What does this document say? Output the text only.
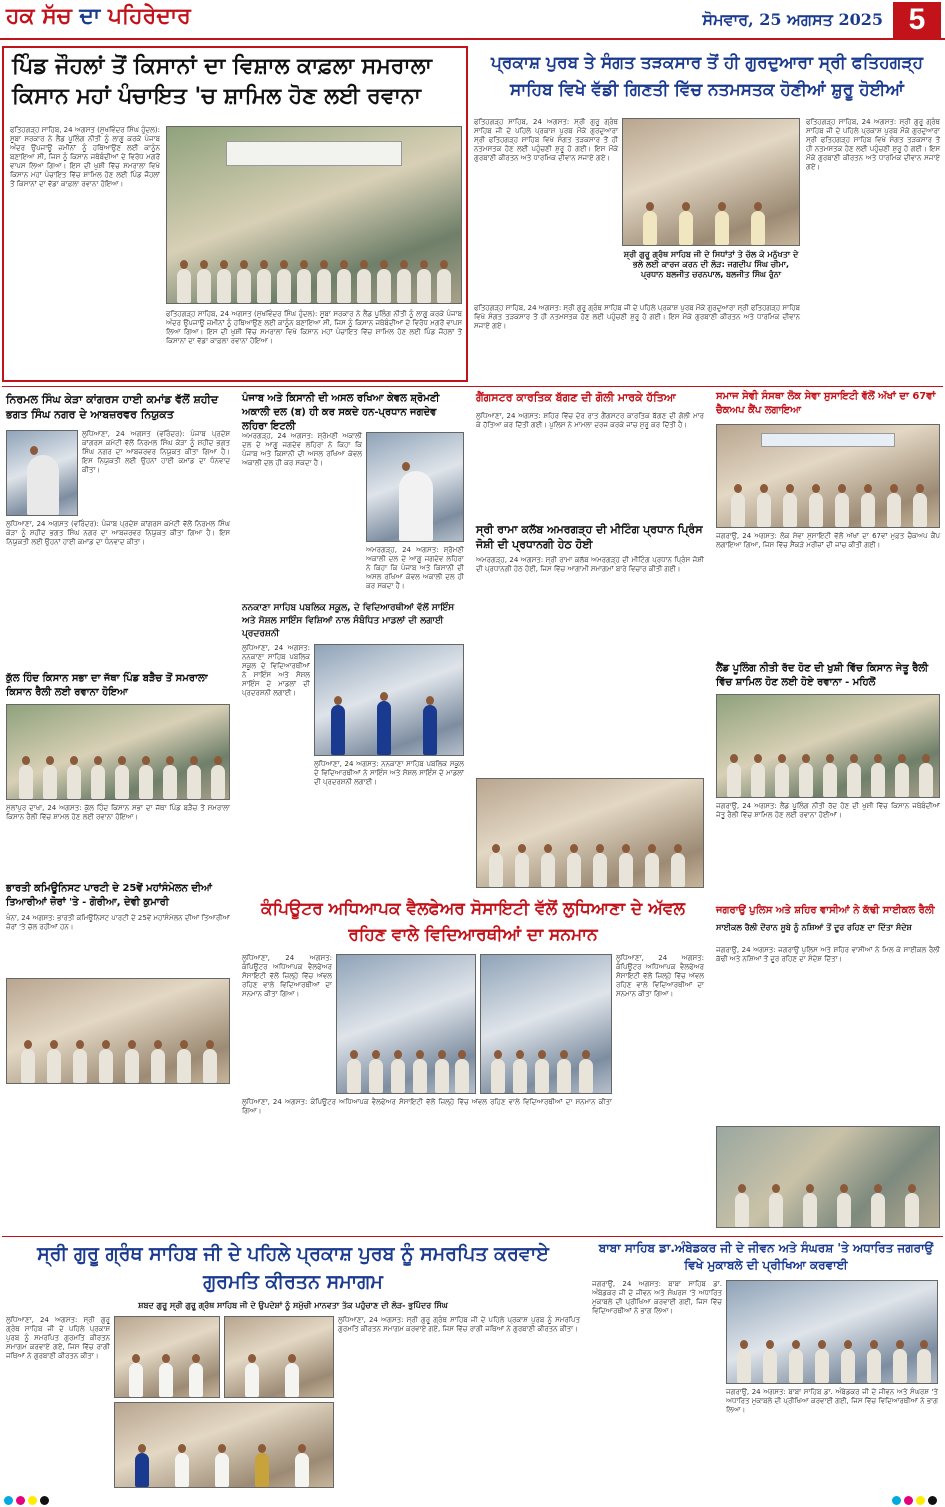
ਹਕ ਸੱਚ ਦਾ ਪਹਿਰੇਦਾਰ	ਸੋਮਵਾਰ, 25 ਅਗਸਤ 2025 5
ਪਿੰਡ ਜੌਹਲਾਂ ਤੋਂ ਕਿਸਾਨਾਂ ਦਾ ਵਿਸ਼ਾਲ ਕਾਫ਼ਲਾ ਸਮਰਾਲਾ ਕਿਸਾਨ ਮਹਾਂ ਪੰਚਾਇਤ 'ਚ ਸ਼ਾਮਿਲ ਹੋਣ ਲਈ ਰਵਾਨਾ
ਫਤਿਹਗੜ੍ਹ ਸਾਹਿਬ, 24 ਅਗਸਤ (ਸੁਖਵਿੰਦਰ ਸਿੰਘ ਹੁੰਦਲ): ਸੂਬਾ ਸਰਕਾਰ ਨੇ ਲੈਂਡ ਪੂਲਿੰਗ ਨੀਤੀ ਨੂੰ ਲਾਗੂ ਕਰਕੇ ਪੰਜਾਬ ਅੰਦਰ ਉਪਜਾਊ ਜ਼ਮੀਨਾਂ ਨੂੰ ਹਥਿਆਉਣ ਲਈ ਕਾਨੂੰਨ ਬਣਾਇਆ ਸੀ, ਜਿਸ ਨੂੰ ਕਿਸਾਨ ਜਥੇਬੰਦੀਆਂ ਦੇ ਵਿਰੋਧ ਮਗਰੋਂ ਵਾਪਸ ਲਿਆ ਗਿਆ। ਇਸ ਦੀ ਖੁਸ਼ੀ ਵਿੱਚ ਸਮਰਾਲਾ ਵਿਖੇ ਕਿਸਾਨ ਮਹਾਂ ਪੰਚਾਇਤ ਵਿੱਚ ਸ਼ਾਮਿਲ ਹੋਣ ਲਈ ਪਿੰਡ ਜੌਹਲਾਂ ਤੋਂ ਕਿਸਾਨਾਂ ਦਾ ਵੱਡਾ ਕਾਫ਼ਲਾ ਰਵਾਨਾ ਹੋਇਆ।
ਫਤਿਹਗੜ੍ਹ ਸਾਹਿਬ, 24 ਅਗਸਤ (ਸੁਖਵਿੰਦਰ ਸਿੰਘ ਹੁੰਦਲ): ਸੂਬਾ ਸਰਕਾਰ ਨੇ ਲੈਂਡ ਪੂਲਿੰਗ ਨੀਤੀ ਨੂੰ ਲਾਗੂ ਕਰਕੇ ਪੰਜਾਬ ਅੰਦਰ ਉਪਜਾਊ ਜ਼ਮੀਨਾਂ ਨੂੰ ਹਥਿਆਉਣ ਲਈ ਕਾਨੂੰਨ ਬਣਾਇਆ ਸੀ, ਜਿਸ ਨੂੰ ਕਿਸਾਨ ਜਥੇਬੰਦੀਆਂ ਦੇ ਵਿਰੋਧ ਮਗਰੋਂ ਵਾਪਸ ਲਿਆ ਗਿਆ। ਇਸ ਦੀ ਖੁਸ਼ੀ ਵਿੱਚ ਸਮਰਾਲਾ ਵਿਖੇ ਕਿਸਾਨ ਮਹਾਂ ਪੰਚਾਇਤ ਵਿੱਚ ਸ਼ਾਮਿਲ ਹੋਣ ਲਈ ਪਿੰਡ ਜੌਹਲਾਂ ਤੋਂ ਕਿਸਾਨਾਂ ਦਾ ਵੱਡਾ ਕਾਫ਼ਲਾ ਰਵਾਨਾ ਹੋਇਆ।
ਪ੍ਰਕਾਸ਼ ਪੁਰਬ ਤੇ ਸੰਗਤ ਤੜਕਸਾਰ ਤੋਂ ਹੀ ਗੁਰਦੁਆਰਾ ਸ੍ਰੀ ਫਤਿਹਗੜ੍ਹ ਸਾਹਿਬ ਵਿਖੇ ਵੱਡੀ ਗਿਣਤੀ ਵਿੱਚ ਨਤਮਸਤਕ ਹੋਣੀਆਂ ਸ਼ੁਰੂ ਹੋਈਆਂ
ਫਤਿਹਗੜ੍ਹ ਸਾਹਿਬ, 24 ਅਗਸਤ: ਸ੍ਰੀ ਗੁਰੂ ਗ੍ਰੰਥ ਸਾਹਿਬ ਜੀ ਦੇ ਪਹਿਲੇ ਪ੍ਰਕਾਸ਼ ਪੁਰਬ ਮੌਕੇ ਗੁਰਦੁਆਰਾ ਸ੍ਰੀ ਫਤਿਹਗੜ੍ਹ ਸਾਹਿਬ ਵਿਖੇ ਸੰਗਤ ਤੜਕਸਾਰ ਤੋਂ ਹੀ ਨਤਮਸਤਕ ਹੋਣ ਲਈ ਪਹੁੰਚਣੀ ਸ਼ੁਰੂ ਹੋ ਗਈ। ਇਸ ਮੌਕੇ ਗੁਰਬਾਣੀ ਕੀਰਤਨ ਅਤੇ ਧਾਰਮਿਕ ਦੀਵਾਨ ਸਜਾਏ ਗਏ।
ਸ਼੍ਰੀ ਗੁਰੂ ਗ੍ਰੰਥ ਸਾਹਿਬ ਜੀ ਦੇ ਸਿਧਾਂਤਾਂ ਤੇ ਚੱਲ ਕੇ ਮਨੁੱਖਤਾ ਦੇ ਭਲੇ ਲਈ ਕਾਰਜ ਕਰਨ ਦੀ ਲੋੜ: ਜਗਦੀਪ ਸਿੰਘ ਚੀਮਾ, ਪ੍ਰਧਾਨ ਬਲਜੀਤ ਚਰਨਪਾਲ, ਬਲਜੀਤ ਸਿੰਘ ਰੁੰਨਾ
ਫਤਿਹਗੜ੍ਹ ਸਾਹਿਬ, 24 ਅਗਸਤ: ਸ੍ਰੀ ਗੁਰੂ ਗ੍ਰੰਥ ਸਾਹਿਬ ਜੀ ਦੇ ਪਹਿਲੇ ਪ੍ਰਕਾਸ਼ ਪੁਰਬ ਮੌਕੇ ਗੁਰਦੁਆਰਾ ਸ੍ਰੀ ਫਤਿਹਗੜ੍ਹ ਸਾਹਿਬ ਵਿਖੇ ਸੰਗਤ ਤੜਕਸਾਰ ਤੋਂ ਹੀ ਨਤਮਸਤਕ ਹੋਣ ਲਈ ਪਹੁੰਚਣੀ ਸ਼ੁਰੂ ਹੋ ਗਈ। ਇਸ ਮੌਕੇ ਗੁਰਬਾਣੀ ਕੀਰਤਨ ਅਤੇ ਧਾਰਮਿਕ ਦੀਵਾਨ ਸਜਾਏ ਗਏ।
ਫਤਿਹਗੜ੍ਹ ਸਾਹਿਬ, 24 ਅਗਸਤ: ਸ੍ਰੀ ਗੁਰੂ ਗ੍ਰੰਥ ਸਾਹਿਬ ਜੀ ਦੇ ਪਹਿਲੇ ਪ੍ਰਕਾਸ਼ ਪੁਰਬ ਮੌਕੇ ਗੁਰਦੁਆਰਾ ਸ੍ਰੀ ਫਤਿਹਗੜ੍ਹ ਸਾਹਿਬ ਵਿਖੇ ਸੰਗਤ ਤੜਕਸਾਰ ਤੋਂ ਹੀ ਨਤਮਸਤਕ ਹੋਣ ਲਈ ਪਹੁੰਚਣੀ ਸ਼ੁਰੂ ਹੋ ਗਈ। ਇਸ ਮੌਕੇ ਗੁਰਬਾਣੀ ਕੀਰਤਨ ਅਤੇ ਧਾਰਮਿਕ ਦੀਵਾਨ ਸਜਾਏ ਗਏ।
ਨਿਰਮਲ ਸਿੰਘ ਕੇੜਾ ਕਾਂਗਰਸ ਹਾਈ ਕਮਾਂਡ ਵੱਲੋਂ ਸ਼ਹੀਦ ਭਗਤ ਸਿੰਘ ਨਗਰ ਦੇ ਆਬਜ਼ਰਵਰ ਨਿਯੁਕਤ
ਲੁਧਿਆਣਾ, 24 ਅਗਸਤ (ਵਰਿੰਦਰ): ਪੰਜਾਬ ਪ੍ਰਦੇਸ਼ ਕਾਂਗਰਸ ਕਮੇਟੀ ਵੱਲੋਂ ਨਿਰਮਲ ਸਿੰਘ ਕੇੜਾ ਨੂੰ ਸ਼ਹੀਦ ਭਗਤ ਸਿੰਘ ਨਗਰ ਦਾ ਆਬਜ਼ਰਵਰ ਨਿਯੁਕਤ ਕੀਤਾ ਗਿਆ ਹੈ। ਇਸ ਨਿਯੁਕਤੀ ਲਈ ਉਹਨਾਂ ਹਾਈ ਕਮਾਂਡ ਦਾ ਧੰਨਵਾਦ ਕੀਤਾ।
ਲੁਧਿਆਣਾ, 24 ਅਗਸਤ (ਵਰਿੰਦਰ): ਪੰਜਾਬ ਪ੍ਰਦੇਸ਼ ਕਾਂਗਰਸ ਕਮੇਟੀ ਵੱਲੋਂ ਨਿਰਮਲ ਸਿੰਘ ਕੇੜਾ ਨੂੰ ਸ਼ਹੀਦ ਭਗਤ ਸਿੰਘ ਨਗਰ ਦਾ ਆਬਜ਼ਰਵਰ ਨਿਯੁਕਤ ਕੀਤਾ ਗਿਆ ਹੈ। ਇਸ ਨਿਯੁਕਤੀ ਲਈ ਉਹਨਾਂ ਹਾਈ ਕਮਾਂਡ ਦਾ ਧੰਨਵਾਦ ਕੀਤਾ।
ਪੰਜਾਬ ਅਤੇ ਕਿਸਾਨੀ ਦੀ ਅਸਲ ਰਖਿਆ ਕੇਵਲ ਸ਼੍ਰੋਮਣੀ ਅਕਾਲੀ ਦਲ (ਬ) ਹੀ ਕਰ ਸਕਦੇ ਹਨ-ਪ੍ਰਧਾਨ ਜਗਦੇਵ ਲਹਿਰਾ ਇਟਲੀ
ਅਮਰਗੜ੍ਹ, 24 ਅਗਸਤ: ਸ਼੍ਰੋਮਣੀ ਅਕਾਲੀ ਦਲ ਦੇ ਆਗੂ ਜਗਦੇਵ ਲਹਿਰਾ ਨੇ ਕਿਹਾ ਕਿ ਪੰਜਾਬ ਅਤੇ ਕਿਸਾਨੀ ਦੀ ਅਸਲ ਰਖਿਆ ਕੇਵਲ ਅਕਾਲੀ ਦਲ ਹੀ ਕਰ ਸਕਦਾ ਹੈ।
ਅਮਰਗੜ੍ਹ, 24 ਅਗਸਤ: ਸ਼੍ਰੋਮਣੀ ਅਕਾਲੀ ਦਲ ਦੇ ਆਗੂ ਜਗਦੇਵ ਲਹਿਰਾ ਨੇ ਕਿਹਾ ਕਿ ਪੰਜਾਬ ਅਤੇ ਕਿਸਾਨੀ ਦੀ ਅਸਲ ਰਖਿਆ ਕੇਵਲ ਅਕਾਲੀ ਦਲ ਹੀ ਕਰ ਸਕਦਾ ਹੈ।
ਗੈਂਗਸਟਰ ਕਾਰਤਿਕ ਬੱਗਣ ਦੀ ਗੋਲੀ ਮਾਰਕੇ ਹੱਤਿਆ
ਲੁਧਿਆਣਾ, 24 ਅਗਸਤ: ਸ਼ਹਿਰ ਵਿੱਚ ਦੇਰ ਰਾਤ ਗੈਂਗਸਟਰ ਕਾਰਤਿਕ ਬੱਗਣ ਦੀ ਗੋਲੀ ਮਾਰ ਕੇ ਹੱਤਿਆ ਕਰ ਦਿੱਤੀ ਗਈ। ਪੁਲਿਸ ਨੇ ਮਾਮਲਾ ਦਰਜ ਕਰਕੇ ਜਾਂਚ ਸ਼ੁਰੂ ਕਰ ਦਿੱਤੀ ਹੈ।
ਸਮਾਜ ਸੇਵੀ ਸੰਸਥਾ ਲੋਕ ਸੇਵਾ ਸੁਸਾਇਟੀ ਵੱਲੋਂ ਅੱਖਾਂ ਦਾ 67ਵਾਂ ਚੈਕਅਪ ਕੈਂਪ ਲਗਾਇਆ
ਜਗਰਾਉਂ, 24 ਅਗਸਤ: ਲੋਕ ਸੇਵਾ ਸੁਸਾਇਟੀ ਵੱਲੋਂ ਅੱਖਾਂ ਦਾ 67ਵਾਂ ਮੁਫ਼ਤ ਚੈਕਅਪ ਕੈਂਪ ਲਗਾਇਆ ਗਿਆ, ਜਿਸ ਵਿੱਚ ਸੈਂਕੜੇ ਮਰੀਜ਼ਾਂ ਦੀ ਜਾਂਚ ਕੀਤੀ ਗਈ।
ਸ੍ਰੀ ਰਾਮਾ ਕਲੱਬ ਅਮਰਗੜ੍ਹ ਦੀ ਮੀਟਿੰਗ ਪ੍ਰਧਾਨ ਪ੍ਰਿੰਸ ਜੋਸ਼ੀ ਦੀ ਪ੍ਰਧਾਨਗੀ ਹੇਠ ਹੋਈ
ਅਮਰਗੜ੍ਹ, 24 ਅਗਸਤ: ਸ੍ਰੀ ਰਾਮਾ ਕਲੱਬ ਅਮਰਗੜ੍ਹ ਦੀ ਮੀਟਿੰਗ ਪ੍ਰਧਾਨ ਪ੍ਰਿੰਸ ਜੋਸ਼ੀ ਦੀ ਪ੍ਰਧਾਨਗੀ ਹੇਠ ਹੋਈ, ਜਿਸ ਵਿੱਚ ਆਗਾਮੀ ਸਮਾਗਮਾਂ ਬਾਰੇ ਵਿਚਾਰ ਕੀਤੀ ਗਈ।
ਨਨਕਾਣਾ ਸਾਹਿਬ ਪਬਲਿਕ ਸਕੂਲ, ਦੇ ਵਿਦਿਆਰਥੀਆਂ ਵੱਲੋਂ ਸਾਇੰਸ ਅਤੇ ਸੋਸ਼ਲ ਸਾਇੰਸ ਵਿਸ਼ਿਆਂ ਨਾਲ ਸੰਬੰਧਿਤ ਮਾਡਲਾਂ ਦੀ ਲਗਾਈ ਪ੍ਰਦਰਸ਼ਨੀ
ਲੁਧਿਆਣਾ, 24 ਅਗਸਤ: ਨਨਕਾਣਾ ਸਾਹਿਬ ਪਬਲਿਕ ਸਕੂਲ ਦੇ ਵਿਦਿਆਰਥੀਆਂ ਨੇ ਸਾਇੰਸ ਅਤੇ ਸੋਸ਼ਲ ਸਾਇੰਸ ਦੇ ਮਾਡਲਾਂ ਦੀ ਪ੍ਰਦਰਸ਼ਨੀ ਲਗਾਈ।
ਲੁਧਿਆਣਾ, 24 ਅਗਸਤ: ਨਨਕਾਣਾ ਸਾਹਿਬ ਪਬਲਿਕ ਸਕੂਲ ਦੇ ਵਿਦਿਆਰਥੀਆਂ ਨੇ ਸਾਇੰਸ ਅਤੇ ਸੋਸ਼ਲ ਸਾਇੰਸ ਦੇ ਮਾਡਲਾਂ ਦੀ ਪ੍ਰਦਰਸ਼ਨੀ ਲਗਾਈ।
ਕੁੱਲ ਹਿੰਦ ਕਿਸਾਨ ਸਭਾ ਦਾ ਜੱਥਾ ਪਿੰਡ ਬੜੈਚ ਤੋਂ ਸਮਰਾਲਾ ਕਿਸਾਨ ਰੈਲੀ ਲਈ ਰਵਾਨਾ ਹੋਇਆ
ਮੁੱਲਾਂਪੁਰ ਦਾਖਾ, 24 ਅਗਸਤ: ਕੁੱਲ ਹਿੰਦ ਕਿਸਾਨ ਸਭਾ ਦਾ ਜੱਥਾ ਪਿੰਡ ਬੜੈਚ ਤੋਂ ਸਮਰਾਲਾ ਕਿਸਾਨ ਰੈਲੀ ਵਿੱਚ ਸ਼ਾਮਲ ਹੋਣ ਲਈ ਰਵਾਨਾ ਹੋਇਆ।
ਲੈਂਡ ਪੂਲਿੰਗ ਨੀਤੀ ਰੱਦ ਹੋਣ ਦੀ ਖੁਸ਼ੀ ਵਿੱਚ ਕਿਸਾਨ ਜੇਤੂ ਰੈਲੀ ਵਿੱਚ ਸ਼ਾਮਿਲ ਹੋਣ ਲਈ ਹੋਏ ਰਵਾਨਾ - ਮਹਿਲੋਂ
ਜਗਰਾਉਂ, 24 ਅਗਸਤ: ਲੈਂਡ ਪੂਲਿੰਗ ਨੀਤੀ ਰੱਦ ਹੋਣ ਦੀ ਖੁਸ਼ੀ ਵਿੱਚ ਕਿਸਾਨ ਜਥੇਬੰਦੀਆਂ ਜੇਤੂ ਰੈਲੀ ਵਿੱਚ ਸ਼ਾਮਿਲ ਹੋਣ ਲਈ ਰਵਾਨਾ ਹੋਈਆਂ।
ਭਾਰਤੀ ਕਮਿਊਨਿਸਟ ਪਾਰਟੀ ਦੇ 25ਵੇਂ ਮਹਾਂਸੰਮੇਲਨ ਦੀਆਂ ਤਿਆਰੀਆਂ ਜ਼ੋਰਾਂ 'ਤੇ - ਗੋਰੀਆ, ਦੇਵੀ ਕੁਮਾਰੀ
ਖੰਨਾ, 24 ਅਗਸਤ: ਭਾਰਤੀ ਕਮਿਊਨਿਸਟ ਪਾਰਟੀ ਦੇ 25ਵੇਂ ਮਹਾਂਸੰਮੇਲਨ ਦੀਆਂ ਤਿਆਰੀਆਂ ਜ਼ੋਰਾਂ 'ਤੇ ਚੱਲ ਰਹੀਆਂ ਹਨ।
ਜਗਰਾਉਂ ਪੁਲਿਸ ਅਤੇ ਸ਼ਹਿਰ ਵਾਸੀਆਂ ਨੇ ਕੱਢੀ ਸਾਈਕਲ ਰੈਲੀ
ਸਾਈਕਲ ਰੈਲੀ ਦੌਰਾਨ ਸੂਬੇ ਨੂੰ ਨਸ਼ਿਆਂ ਤੋਂ ਦੂਰ ਰਹਿਣ ਦਾ ਦਿੱਤਾ ਸੰਦੇਸ਼
ਜਗਰਾਉਂ, 24 ਅਗਸਤ: ਜਗਰਾਉਂ ਪੁਲਿਸ ਅਤੇ ਸ਼ਹਿਰ ਵਾਸੀਆਂ ਨੇ ਮਿਲ ਕੇ ਸਾਈਕਲ ਰੈਲੀ ਕੱਢੀ ਅਤੇ ਨਸ਼ਿਆਂ ਤੋਂ ਦੂਰ ਰਹਿਣ ਦਾ ਸੰਦੇਸ਼ ਦਿੱਤਾ।
ਕੰਪਿਊਟਰ ਅਧਿਆਪਕ ਵੈਲਫੇਅਰ ਸੋਸਾਇਟੀ ਵੱਲੋਂ ਲੁਧਿਆਣਾ ਦੇ ਅੱਵਲ ਰਹਿਣ ਵਾਲੇ ਵਿਦਿਆਰਥੀਆਂ ਦਾ ਸਨਮਾਨ
ਲੁਧਿਆਣਾ, 24 ਅਗਸਤ: ਕੰਪਿਊਟਰ ਅਧਿਆਪਕ ਵੈਲਫੇਅਰ ਸੋਸਾਇਟੀ ਵੱਲੋਂ ਜ਼ਿਲ੍ਹੇ ਵਿੱਚ ਅੱਵਲ ਰਹਿਣ ਵਾਲੇ ਵਿਦਿਆਰਥੀਆਂ ਦਾ ਸਨਮਾਨ ਕੀਤਾ ਗਿਆ।
ਲੁਧਿਆਣਾ, 24 ਅਗਸਤ: ਕੰਪਿਊਟਰ ਅਧਿਆਪਕ ਵੈਲਫੇਅਰ ਸੋਸਾਇਟੀ ਵੱਲੋਂ ਜ਼ਿਲ੍ਹੇ ਵਿੱਚ ਅੱਵਲ ਰਹਿਣ ਵਾਲੇ ਵਿਦਿਆਰਥੀਆਂ ਦਾ ਸਨਮਾਨ ਕੀਤਾ ਗਿਆ।
ਲੁਧਿਆਣਾ, 24 ਅਗਸਤ: ਕੰਪਿਊਟਰ ਅਧਿਆਪਕ ਵੈਲਫੇਅਰ ਸੋਸਾਇਟੀ ਵੱਲੋਂ ਜ਼ਿਲ੍ਹੇ ਵਿੱਚ ਅੱਵਲ ਰਹਿਣ ਵਾਲੇ ਵਿਦਿਆਰਥੀਆਂ ਦਾ ਸਨਮਾਨ ਕੀਤਾ ਗਿਆ।
ਸ੍ਰੀ ਗੁਰੂ ਗ੍ਰੰਥ ਸਾਹਿਬ ਜੀ ਦੇ ਪਹਿਲੇ ਪ੍ਰਕਾਸ਼ ਪੁਰਬ ਨੂੰ ਸਮਰਪਿਤ ਕਰਵਾਏ ਗੁਰਮਤਿ ਕੀਰਤਨ ਸਮਾਗਮ
ਸ਼ਬਦ ਗੁਰੂ ਸ੍ਰੀ ਗੁਰੂ ਗ੍ਰੰਥ ਸਾਹਿਬ ਜੀ ਦੇ ਉਪਦੇਸ਼ਾਂ ਨੂੰ ਸਮੁੱਚੀ ਮਾਨਵਤਾ ਤੱਕ ਪਹੁੰਚਾਣ ਦੀ ਲੋੜ- ਭੁਪਿੰਦਰ ਸਿੰਘ
ਲੁਧਿਆਣਾ, 24 ਅਗਸਤ: ਸ੍ਰੀ ਗੁਰੂ ਗ੍ਰੰਥ ਸਾਹਿਬ ਜੀ ਦੇ ਪਹਿਲੇ ਪ੍ਰਕਾਸ਼ ਪੁਰਬ ਨੂੰ ਸਮਰਪਿਤ ਗੁਰਮਤਿ ਕੀਰਤਨ ਸਮਾਗਮ ਕਰਵਾਏ ਗਏ, ਜਿਸ ਵਿੱਚ ਰਾਗੀ ਜਥਿਆਂ ਨੇ ਗੁਰਬਾਣੀ ਕੀਰਤਨ ਕੀਤਾ।
ਲੁਧਿਆਣਾ, 24 ਅਗਸਤ: ਸ੍ਰੀ ਗੁਰੂ ਗ੍ਰੰਥ ਸਾਹਿਬ ਜੀ ਦੇ ਪਹਿਲੇ ਪ੍ਰਕਾਸ਼ ਪੁਰਬ ਨੂੰ ਸਮਰਪਿਤ ਗੁਰਮਤਿ ਕੀਰਤਨ ਸਮਾਗਮ ਕਰਵਾਏ ਗਏ, ਜਿਸ ਵਿੱਚ ਰਾਗੀ ਜਥਿਆਂ ਨੇ ਗੁਰਬਾਣੀ ਕੀਰਤਨ ਕੀਤਾ।
ਬਾਬਾ ਸਾਹਿਬ ਡਾ.ਅੰਬੇਡਕਰ ਜੀ ਦੇ ਜੀਵਨ ਅਤੇ ਸੰਘਰਸ਼ 'ਤੇ ਅਧਾਰਿਤ ਜਗਰਾਉਂ ਵਿਖੇ ਮੁਕਾਬਲੇ ਦੀ ਪ੍ਰੀਖਿਆ ਕਰਵਾਈ
ਜਗਰਾਉਂ, 24 ਅਗਸਤ: ਬਾਬਾ ਸਾਹਿਬ ਡਾ. ਅੰਬੇਡਕਰ ਜੀ ਦੇ ਜੀਵਨ ਅਤੇ ਸੰਘਰਸ਼ 'ਤੇ ਅਧਾਰਿਤ ਮੁਕਾਬਲੇ ਦੀ ਪ੍ਰੀਖਿਆ ਕਰਵਾਈ ਗਈ, ਜਿਸ ਵਿੱਚ ਵਿਦਿਆਰਥੀਆਂ ਨੇ ਭਾਗ ਲਿਆ।
ਜਗਰਾਉਂ, 24 ਅਗਸਤ: ਬਾਬਾ ਸਾਹਿਬ ਡਾ. ਅੰਬੇਡਕਰ ਜੀ ਦੇ ਜੀਵਨ ਅਤੇ ਸੰਘਰਸ਼ 'ਤੇ ਅਧਾਰਿਤ ਮੁਕਾਬਲੇ ਦੀ ਪ੍ਰੀਖਿਆ ਕਰਵਾਈ ਗਈ, ਜਿਸ ਵਿੱਚ ਵਿਦਿਆਰਥੀਆਂ ਨੇ ਭਾਗ ਲਿਆ।
